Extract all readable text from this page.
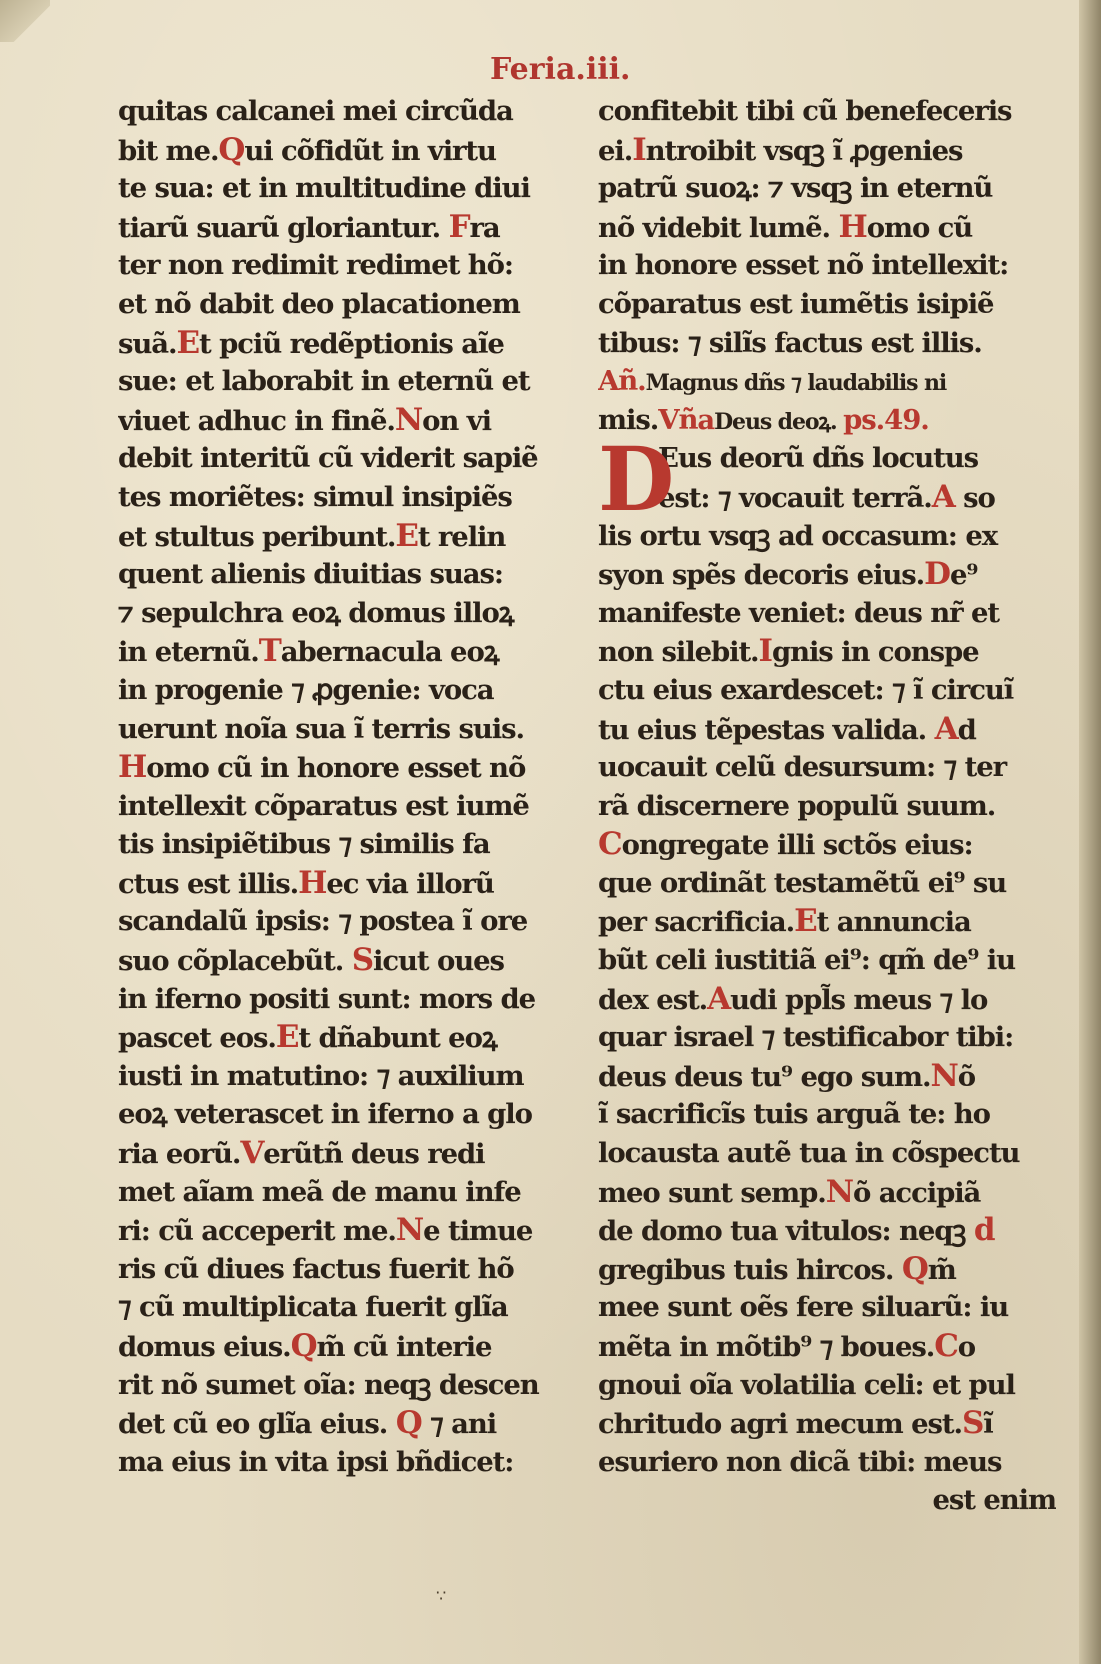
Feria.iii.
quitas calcanei mei circũda
bit me.Qui cõfidũt in virtu
te sua: et in multitudine diui
tiarũ suarũ gloriantur. Fra
ter non redimit redimet hõ:
et nõ dabit deo placationem
suã.Et pciũ redẽptionis aĩe
sue: et laborabit in eternũ et
viuet adhuc in finẽ.Non vi
debit interitũ cũ viderit sapiẽ
tes moriẽtes: simul insipiẽs
et stultus peribunt.Et relin
quent alienis diuitias suas:
⁊ sepulchra eoꝝ domus illoꝝ
in eternũ.Tabernacula eoꝝ
in progenie ⁊ ꝓgenie: voca
uerunt noĩa sua ĩ terris suis.
Homo cũ in honore esset nõ
intellexit cõparatus est iumẽ
tis insipiẽtibus ⁊ similis fa
ctus est illis.Hec via illorũ
scandalũ ipsis: ⁊ postea ĩ ore
suo cõplacebũt. Sicut oues
in iferno positi sunt: mors de
pascet eos.Et dñabunt eoꝝ
iusti in matutino: ⁊ auxilium
eoꝝ veterascet in iferno a glo
ria eorũ.Verũtñ deus redi
met aĩam meã de manu infe
ri: cũ acceperit me.Ne timue
ris cũ diues factus fuerit hõ
⁊ cũ multiplicata fuerit glĩa
domus eius.Qm̃ cũ interie
rit nõ sumet oĩa: neqꝫ descen
det cũ eo glĩa eius. Q ⁊ ani
ma eius in vita ipsi bñdicet:
confitebit tibi cũ benefeceris
ei.Introibit vsqꝫ ĩ ꝓgenies
patrũ suoꝝ: ⁊ vsqꝫ in eternũ
nõ videbit lumẽ. Homo cũ
in honore esset nõ intellexit:
cõparatus est iumẽtis isipiẽ
tibus: ⁊ silĩs factus est illis.
Añ.Magnus dñs ⁊ laudabilis ni
mis.VñaDeus deoꝝ. ps.49.
D
Eus deorũ dñs locutus
est: ⁊ vocauit terrã.A so
lis ortu vsqꝫ ad occasum: ex
syon spẽs decoris eius.De⁹
manifeste veniet: deus nr̃ et
non silebit.Ignis in conspe
ctu eius exardescet: ⁊ ĩ circuĩ
tu eius tẽpestas valida. Ad
uocauit celũ desursum: ⁊ ter
rã discernere populũ suum.
Congregate illi sctõs eius:
que ordinãt testamẽtũ ei⁹ su
per sacrificia.Et annuncia
bũt celi iustitiã ei⁹: qm̃ de⁹ iu
dex est.Audi ppl̃s meus ⁊ lo
quar israel ⁊ testificabor tibi:
deus deus tu⁹ ego sum.Nõ
ĩ sacrificĩs tuis arguã te: ho
locausta autẽ tua in cõspectu
meo sunt semp.Nõ accipiã
de domo tua vitulos: neqꝫ d
gregibus tuis hircos. Qm̃
mee sunt oẽs fere siluarũ: iu
mẽta in mõtib⁹ ⁊ boues.Co
gnoui oĩa volatilia celi: et pul
chritudo agri mecum est.Sĩ
esuriero non dicã tibi: meus
est enim
∵
